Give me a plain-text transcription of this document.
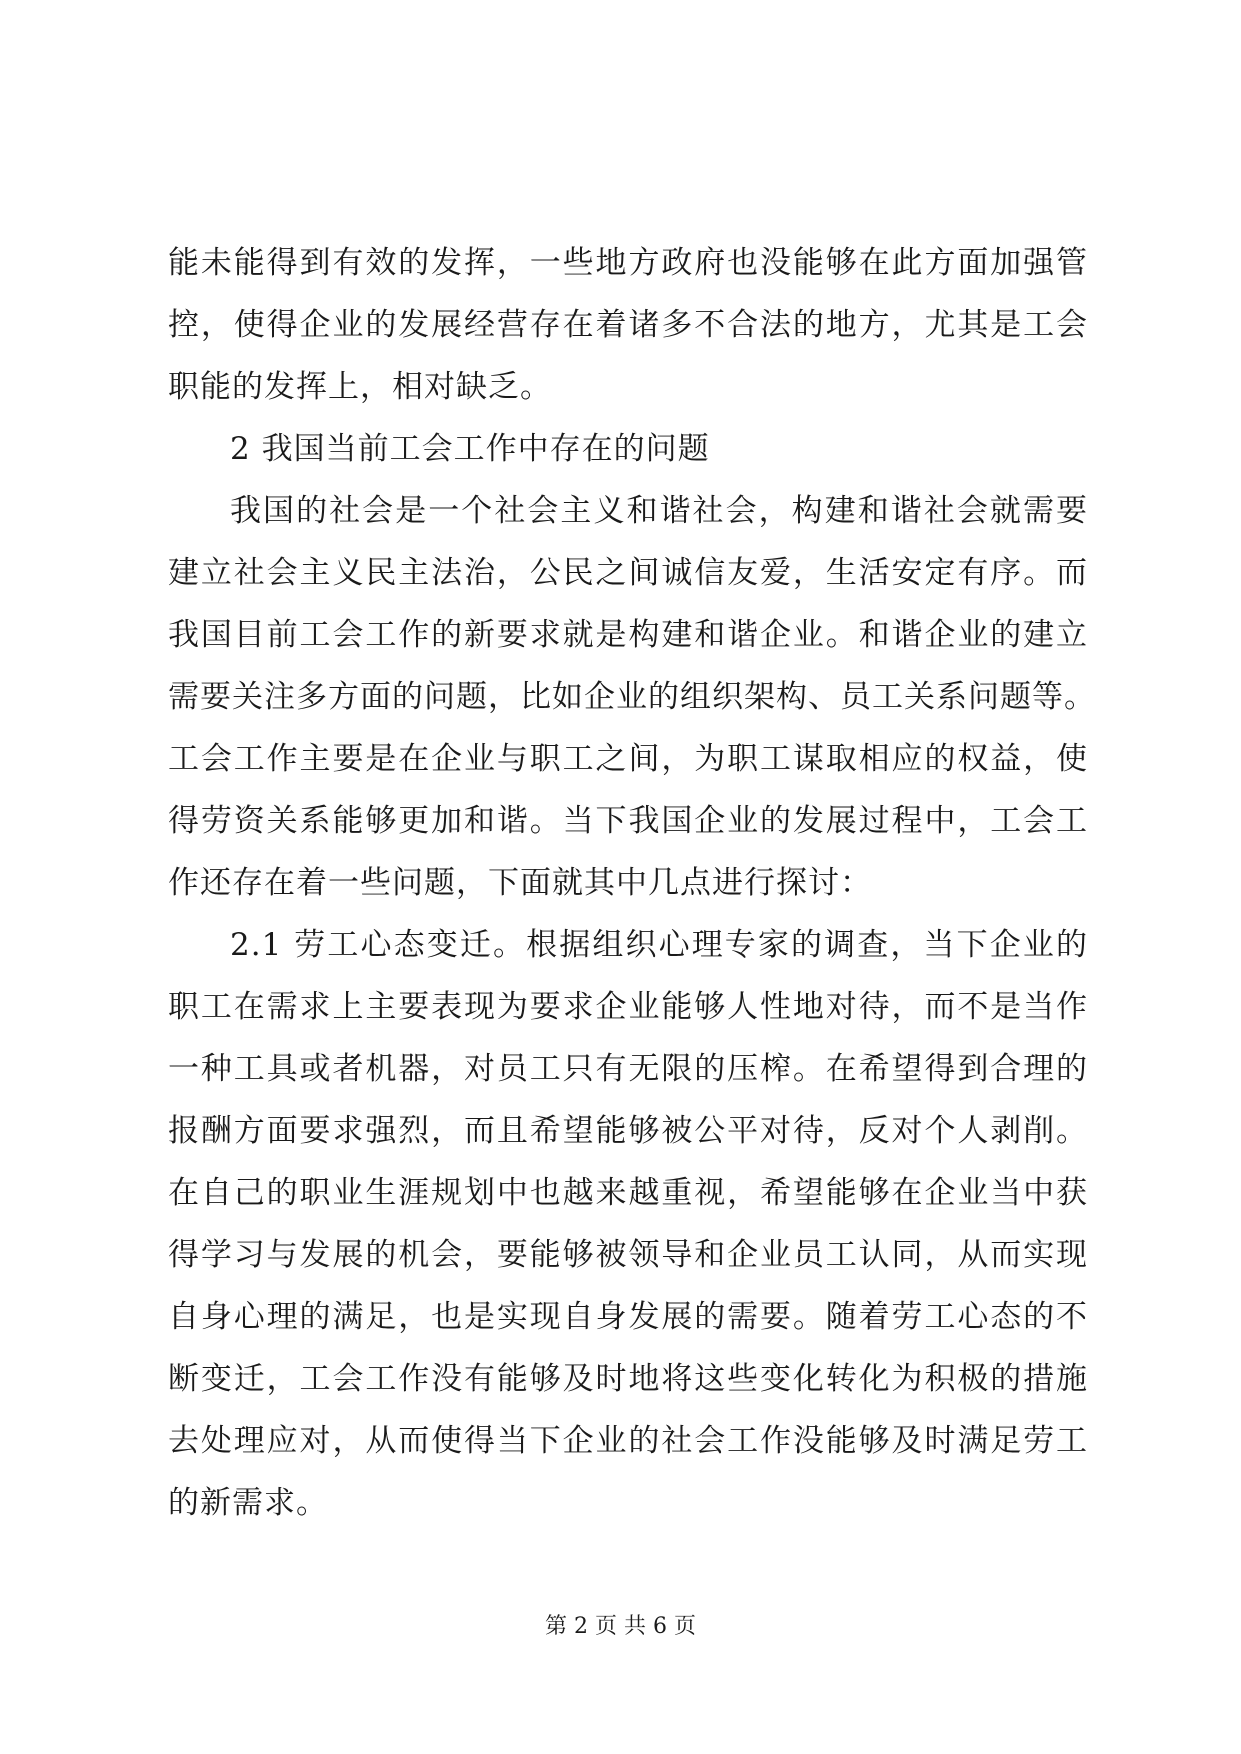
能未能得到有效的发挥，一些地方政府也没能够在此方面加强管
控，使得企业的发展经营存在着诸多不合法的地方，尤其是工会
职能的发挥上，相对缺乏。
2 我国当前工会工作中存在的问题
我国的社会是一个社会主义和谐社会，构建和谐社会就需要
建立社会主义民主法治，公民之间诚信友爱，生活安定有序。而
我国目前工会工作的新要求就是构建和谐企业。和谐企业的建立
需要关注多方面的问题，比如企业的组织架构、员工关系问题等。
工会工作主要是在企业与职工之间，为职工谋取相应的权益，使
得劳资关系能够更加和谐。当下我国企业的发展过程中，工会工
作还存在着一些问题，下面就其中几点进行探讨：
2.1 劳工心态变迁。根据组织心理专家的调查，当下企业的
职工在需求上主要表现为要求企业能够人性地对待，而不是当作
一种工具或者机器，对员工只有无限的压榨。在希望得到合理的
报酬方面要求强烈，而且希望能够被公平对待，反对个人剥削。
在自己的职业生涯规划中也越来越重视，希望能够在企业当中获
得学习与发展的机会，要能够被领导和企业员工认同，从而实现
自身心理的满足，也是实现自身发展的需要。随着劳工心态的不
断变迁，工会工作没有能够及时地将这些变化转化为积极的措施
去处理应对，从而使得当下企业的社会工作没能够及时满足劳工
的新需求。
第 2 页 共 6 页
